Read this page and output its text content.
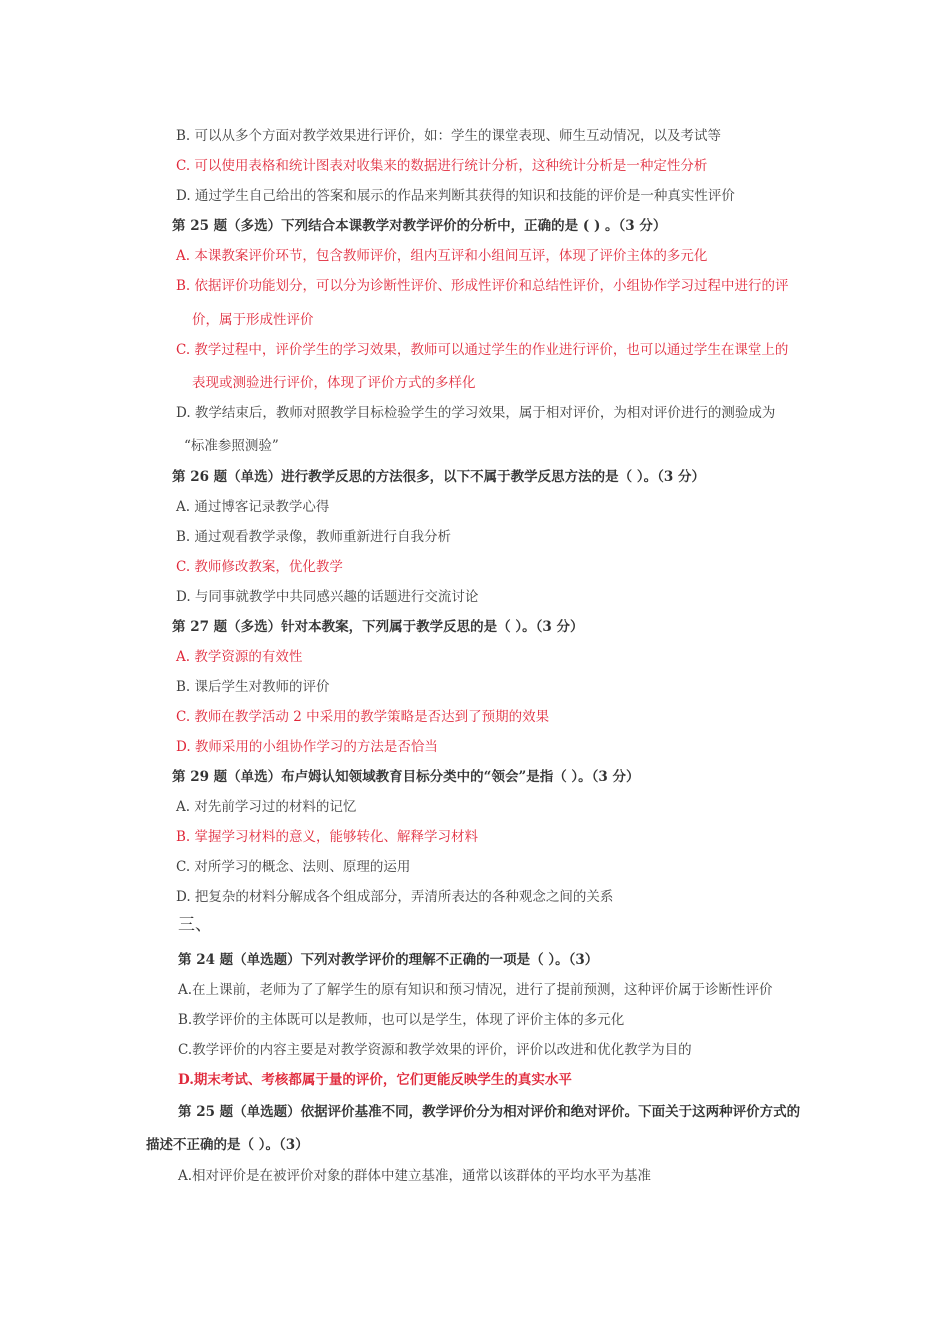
B. 可以从多个方面对教学效果进行评价，如：学生的课堂表现、师生互动情况，以及考试等
C. 可以使用表格和统计图表对收集来的数据进行统计分析，这种统计分析是一种定性分析
D. 通过学生自己给出的答案和展示的作品来判断其获得的知识和技能的评价是一种真实性评价
第 25 题（多选）下列结合本课教学对教学评价的分析中，正确的是 ( ) 。（3 分）
A. 本课教案评价环节，包含教师评价，组内互评和小组间互评，体现了评价主体的多元化
B. 依据评价功能划分，可以分为诊断性评价、形成性评价和总结性评价，小组协作学习过程中进行的评
价，属于形成性评价
C. 教学过程中，评价学生的学习效果，教师可以通过学生的作业进行评价，也可以通过学生在课堂上的
表现或测验进行评价，体现了评价方式的多样化
D. 教学结束后，教师对照教学目标检验学生的学习效果，属于相对评价，为相对评价进行的测验成为
“标准参照测验”
第 26 题（单选）进行教学反思的方法很多，以下不属于教学反思方法的是（ ）。（3 分）
A. 通过博客记录教学心得
B. 通过观看教学录像，教师重新进行自我分析
C. 教师修改教案，优化教学
D. 与同事就教学中共同感兴趣的话题进行交流讨论
第 27 题（多选）针对本教案，下列属于教学反思的是（ ）。（3 分）
A. 教学资源的有效性
B. 课后学生对教师的评价
C. 教师在教学活动 2 中采用的教学策略是否达到了预期的效果
D. 教师采用的小组协作学习的方法是否恰当
第 29 题（单选）布卢姆认知领域教育目标分类中的“领会”是指（ ）。（3 分）
A. 对先前学习过的材料的记忆
B. 掌握学习材料的意义，能够转化、解释学习材料
C. 对所学习的概念、法则、原理的运用
D. 把复杂的材料分解成各个组成部分，弄清所表达的各种观念之间的关系
三、
第 24 题（单选题）下列对教学评价的理解不正确的一项是（ ）。（3）
A.在上课前，老师为了了解学生的原有知识和预习情况，进行了提前预测，这种评价属于诊断性评价
B.教学评价的主体既可以是教师，也可以是学生，体现了评价主体的多元化
C.教学评价的内容主要是对教学资源和教学效果的评价，评价以改进和优化教学为目的
D.期末考试、考核都属于量的评价，它们更能反映学生的真实水平
第 25 题（单选题）依据评价基准不同，教学评价分为相对评价和绝对评价。下面关于这两种评价方式的
描述不正确的是（ ）。（3）
A.相对评价是在被评价对象的群体中建立基准，通常以该群体的平均水平为基准
